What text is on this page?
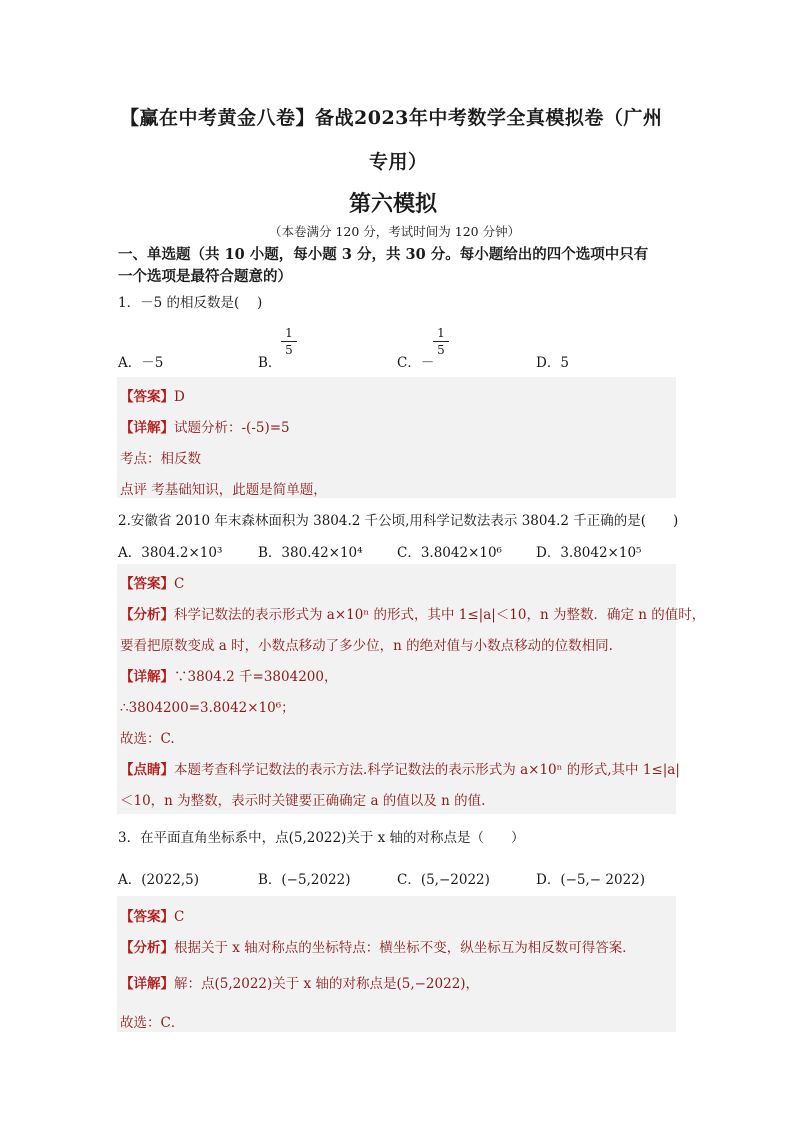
【赢在中考黄金八卷】备战2023年中考数学全真模拟卷（广州
专用）
第六模拟
（本卷满分 120 分，考试时间为 120 分钟）
一、单选题（共 10 小题，每小题 3 分，共 30 分。每小题给出的四个选项中只有
一个选项是最符合题意的）
1．－5 的相反数是(　 )
A．－5	B．
1
5
C．－
1
5
D．5
【答案】D
【详解】试题分析：-(-5)=5
考点：相反数
点评 考基础知识，此题是简单题，
2.安徽省 2010 年末森林面积为 3804.2 千公顷,用科学记数法表示 3804.2 千正确的是(　　)
A．3804.2×10³	B．380.42×10⁴	C．3.8042×10⁶	D．3.8042×10⁵
【答案】C
【分析】科学记数法的表示形式为 a×10ⁿ 的形式，其中 1≤|a|＜10，n 为整数．确定 n 的值时，
要看把原数变成 a 时，小数点移动了多少位，n 的绝对值与小数点移动的位数相同.
【详解】∵3804.2 千=3804200，
∴3804200=3.8042×10⁶；
故选：C.
【点睛】本题考查科学记数法的表示方法.科学记数法的表示形式为 a×10ⁿ 的形式,其中 1≤|a|
＜10，n 为整数，表示时关键要正确确定 a 的值以及 n 的值.
3．在平面直角坐标系中，点(5,2022)关于 x 轴的对称点是（　　）
A．(2022,5)	B．(−5,2022)	C．(5,−2022)	D．(−5,− 2022)
【答案】C
【分析】根据关于 x 轴对称点的坐标特点：横坐标不变，纵坐标互为相反数可得答案．
【详解】解：点(5,2022)关于 x 轴的对称点是(5,−2022)，
故选：C．
